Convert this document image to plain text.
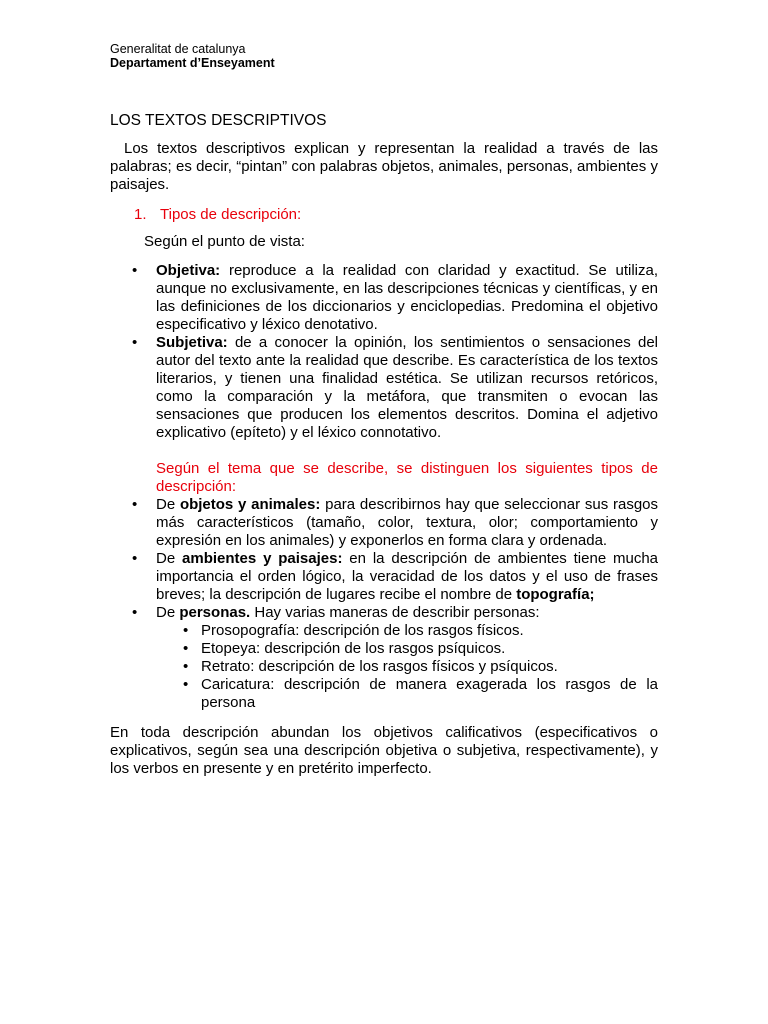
Generalitat de catalunya
Departament d’Enseyament
LOS TEXTOS DESCRIPTIVOS

Los textos descriptivos explican y representan la realidad a través de las palabras; es decir, “pintan” con palabras objetos, animales, personas, ambientes y paisajes.

1. Tipos de descripción:
Según el punto de vista:
• Objetiva: reproduce a la realidad con claridad y exactitud. Se utiliza, aunque no exclusivamente, en las descripciones técnicas y científicas, y en las definiciones de los diccionarios y enciclopedias. Predomina el objetivo especificativo y léxico denotativo.
• Subjetiva: de a conocer la opinión, los sentimientos o sensaciones del autor del texto ante la realidad que describe. Es característica de los textos literarios, y tienen una finalidad estética. Se utilizan recursos retóricos, como la comparación y la metáfora, que transmiten o evocan las sensaciones que producen los elementos descritos. Domina el adjetivo explicativo (epíteto) y el léxico connotativo.

Según el tema que se describe, se distinguen los siguientes tipos de descripción:

• De objetos y animales: para describirnos hay que seleccionar sus rasgos más característicos (tamaño, color, textura, olor; comportamiento y expresión en los animales) y exponerlos en forma clara y ordenada.
• De ambientes y paisajes: en la descripción de ambientes tiene mucha importancia el orden lógico, la veracidad de los datos y el uso de frases breves; la descripción de lugares recibe el nombre de topografía;
• De personas. Hay varias maneras de describir personas:
• Prosopografía: descripción de los rasgos físicos.
• Etopeya: descripción de los rasgos psíquicos.
• Retrato: descripción de los rasgos físicos y psíquicos.
• Caricatura: descripción de manera exagerada los rasgos de la persona

En toda descripción abundan los objetivos calificativos (especificativos o explicativos, según sea una descripción objetiva o subjetiva, respectivamente), y los verbos en presente y en pretérito imperfecto.
